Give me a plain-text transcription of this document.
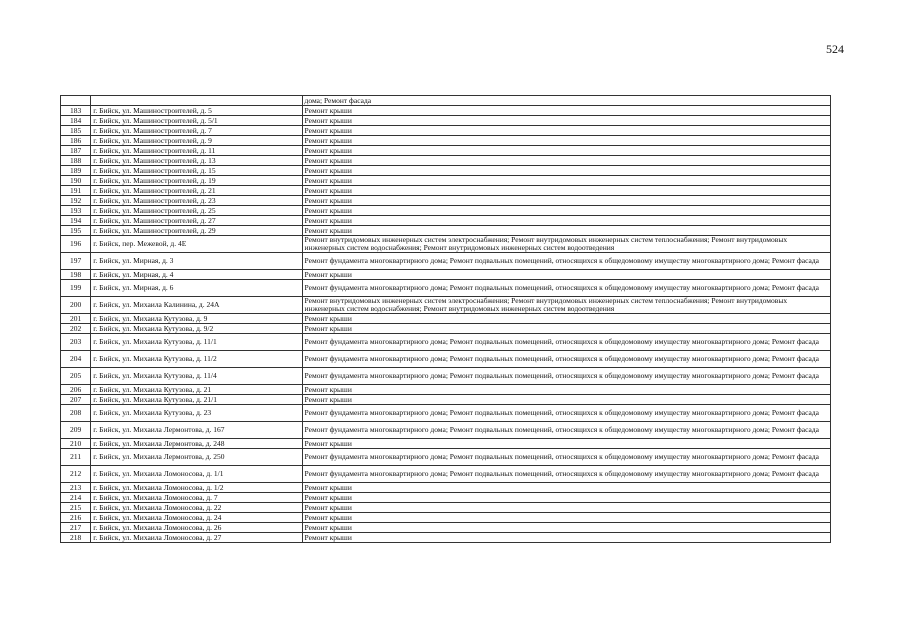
524
		дома; Ремонт фасада
183	г. Бийск, ул. Машиностроителей, д. 5	Ремонт крыши
184	г. Бийск, ул. Машиностроителей, д. 5/1	Ремонт крыши
185	г. Бийск, ул. Машиностроителей, д. 7	Ремонт крыши
186	г. Бийск, ул. Машиностроителей, д. 9	Ремонт крыши
187	г. Бийск, ул. Машиностроителей, д. 11	Ремонт крыши
188	г. Бийск, ул. Машиностроителей, д. 13	Ремонт крыши
189	г. Бийск, ул. Машиностроителей, д. 15	Ремонт крыши
190	г. Бийск, ул. Машиностроителей, д. 19	Ремонт крыши
191	г. Бийск, ул. Машиностроителей, д. 21	Ремонт крыши
192	г. Бийск, ул. Машиностроителей, д. 23	Ремонт крыши
193	г. Бийск, ул. Машиностроителей, д. 25	Ремонт крыши
194	г. Бийск, ул. Машиностроителей, д. 27	Ремонт крыши
195	г. Бийск, ул. Машиностроителей, д. 29	Ремонт крыши
196	г. Бийск, пер. Межевой, д. 4Е	Ремонт внутридомовых инженерных систем электроснабжения; Ремонт внутридомовых инженерных систем теплоснабжения; Ремонт внутридомовых инженерных систем водоснабжения; Ремонт внутридомовых инженерных систем водоотведения
197	г. Бийск, ул. Мирная, д. 3	Ремонт фундамента многоквартирного дома; Ремонт подвальных помещений, относящихся к общедомовому имуществу многоквартирного дома; Ремонт фасада
198	г. Бийск, ул. Мирная, д. 4	Ремонт крыши
199	г. Бийск, ул. Мирная, д. 6	Ремонт фундамента многоквартирного дома; Ремонт подвальных помещений, относящихся к общедомовому имуществу многоквартирного дома; Ремонт фасада
200	г. Бийск, ул. Михаила Калинина, д. 24А	Ремонт внутридомовых инженерных систем электроснабжения; Ремонт внутридомовых инженерных систем теплоснабжения; Ремонт внутридомовых инженерных систем водоснабжения; Ремонт внутридомовых инженерных систем водоотведения
201	г. Бийск, ул. Михаила Кутузова, д. 9	Ремонт крыши
202	г. Бийск, ул. Михаила Кутузова, д. 9/2	Ремонт крыши
203	г. Бийск, ул. Михаила Кутузова, д. 11/1	Ремонт фундамента многоквартирного дома; Ремонт подвальных помещений, относящихся к общедомовому имуществу многоквартирного дома; Ремонт фасада
204	г. Бийск, ул. Михаила Кутузова, д. 11/2	Ремонт фундамента многоквартирного дома; Ремонт подвальных помещений, относящихся к общедомовому имуществу многоквартирного дома; Ремонт фасада
205	г. Бийск, ул. Михаила Кутузова, д. 11/4	Ремонт фундамента многоквартирного дома; Ремонт подвальных помещений, относящихся к общедомовому имуществу многоквартирного дома; Ремонт фасада
206	г. Бийск, ул. Михаила Кутузова, д. 21	Ремонт крыши
207	г. Бийск, ул. Михаила Кутузова, д. 21/1	Ремонт крыши
208	г. Бийск, ул. Михаила Кутузова, д. 23	Ремонт фундамента многоквартирного дома; Ремонт подвальных помещений, относящихся к общедомовому имуществу многоквартирного дома; Ремонт фасада
209	г. Бийск, ул. Михаила Лермонтова, д. 167	Ремонт фундамента многоквартирного дома; Ремонт подвальных помещений, относящихся к общедомовому имуществу многоквартирного дома; Ремонт фасада
210	г. Бийск, ул. Михаила Лермонтова, д. 248	Ремонт крыши
211	г. Бийск, ул. Михаила Лермонтова, д. 250	Ремонт фундамента многоквартирного дома; Ремонт подвальных помещений, относящихся к общедомовому имуществу многоквартирного дома; Ремонт фасада
212	г. Бийск, ул. Михаила Ломоносова, д. 1/1	Ремонт фундамента многоквартирного дома; Ремонт подвальных помещений, относящихся к общедомовому имуществу многоквартирного дома; Ремонт фасада
213	г. Бийск, ул. Михаила Ломоносова, д. 1/2	Ремонт крыши
214	г. Бийск, ул. Михаила Ломоносова, д. 7	Ремонт крыши
215	г. Бийск, ул. Михаила Ломоносова, д. 22	Ремонт крыши
216	г. Бийск, ул. Михаила Ломоносова, д. 24	Ремонт крыши
217	г. Бийск, ул. Михаила Ломоносова, д. 26	Ремонт крыши
218	г. Бийск, ул. Михаила Ломоносова, д. 27	Ремонт крыши
